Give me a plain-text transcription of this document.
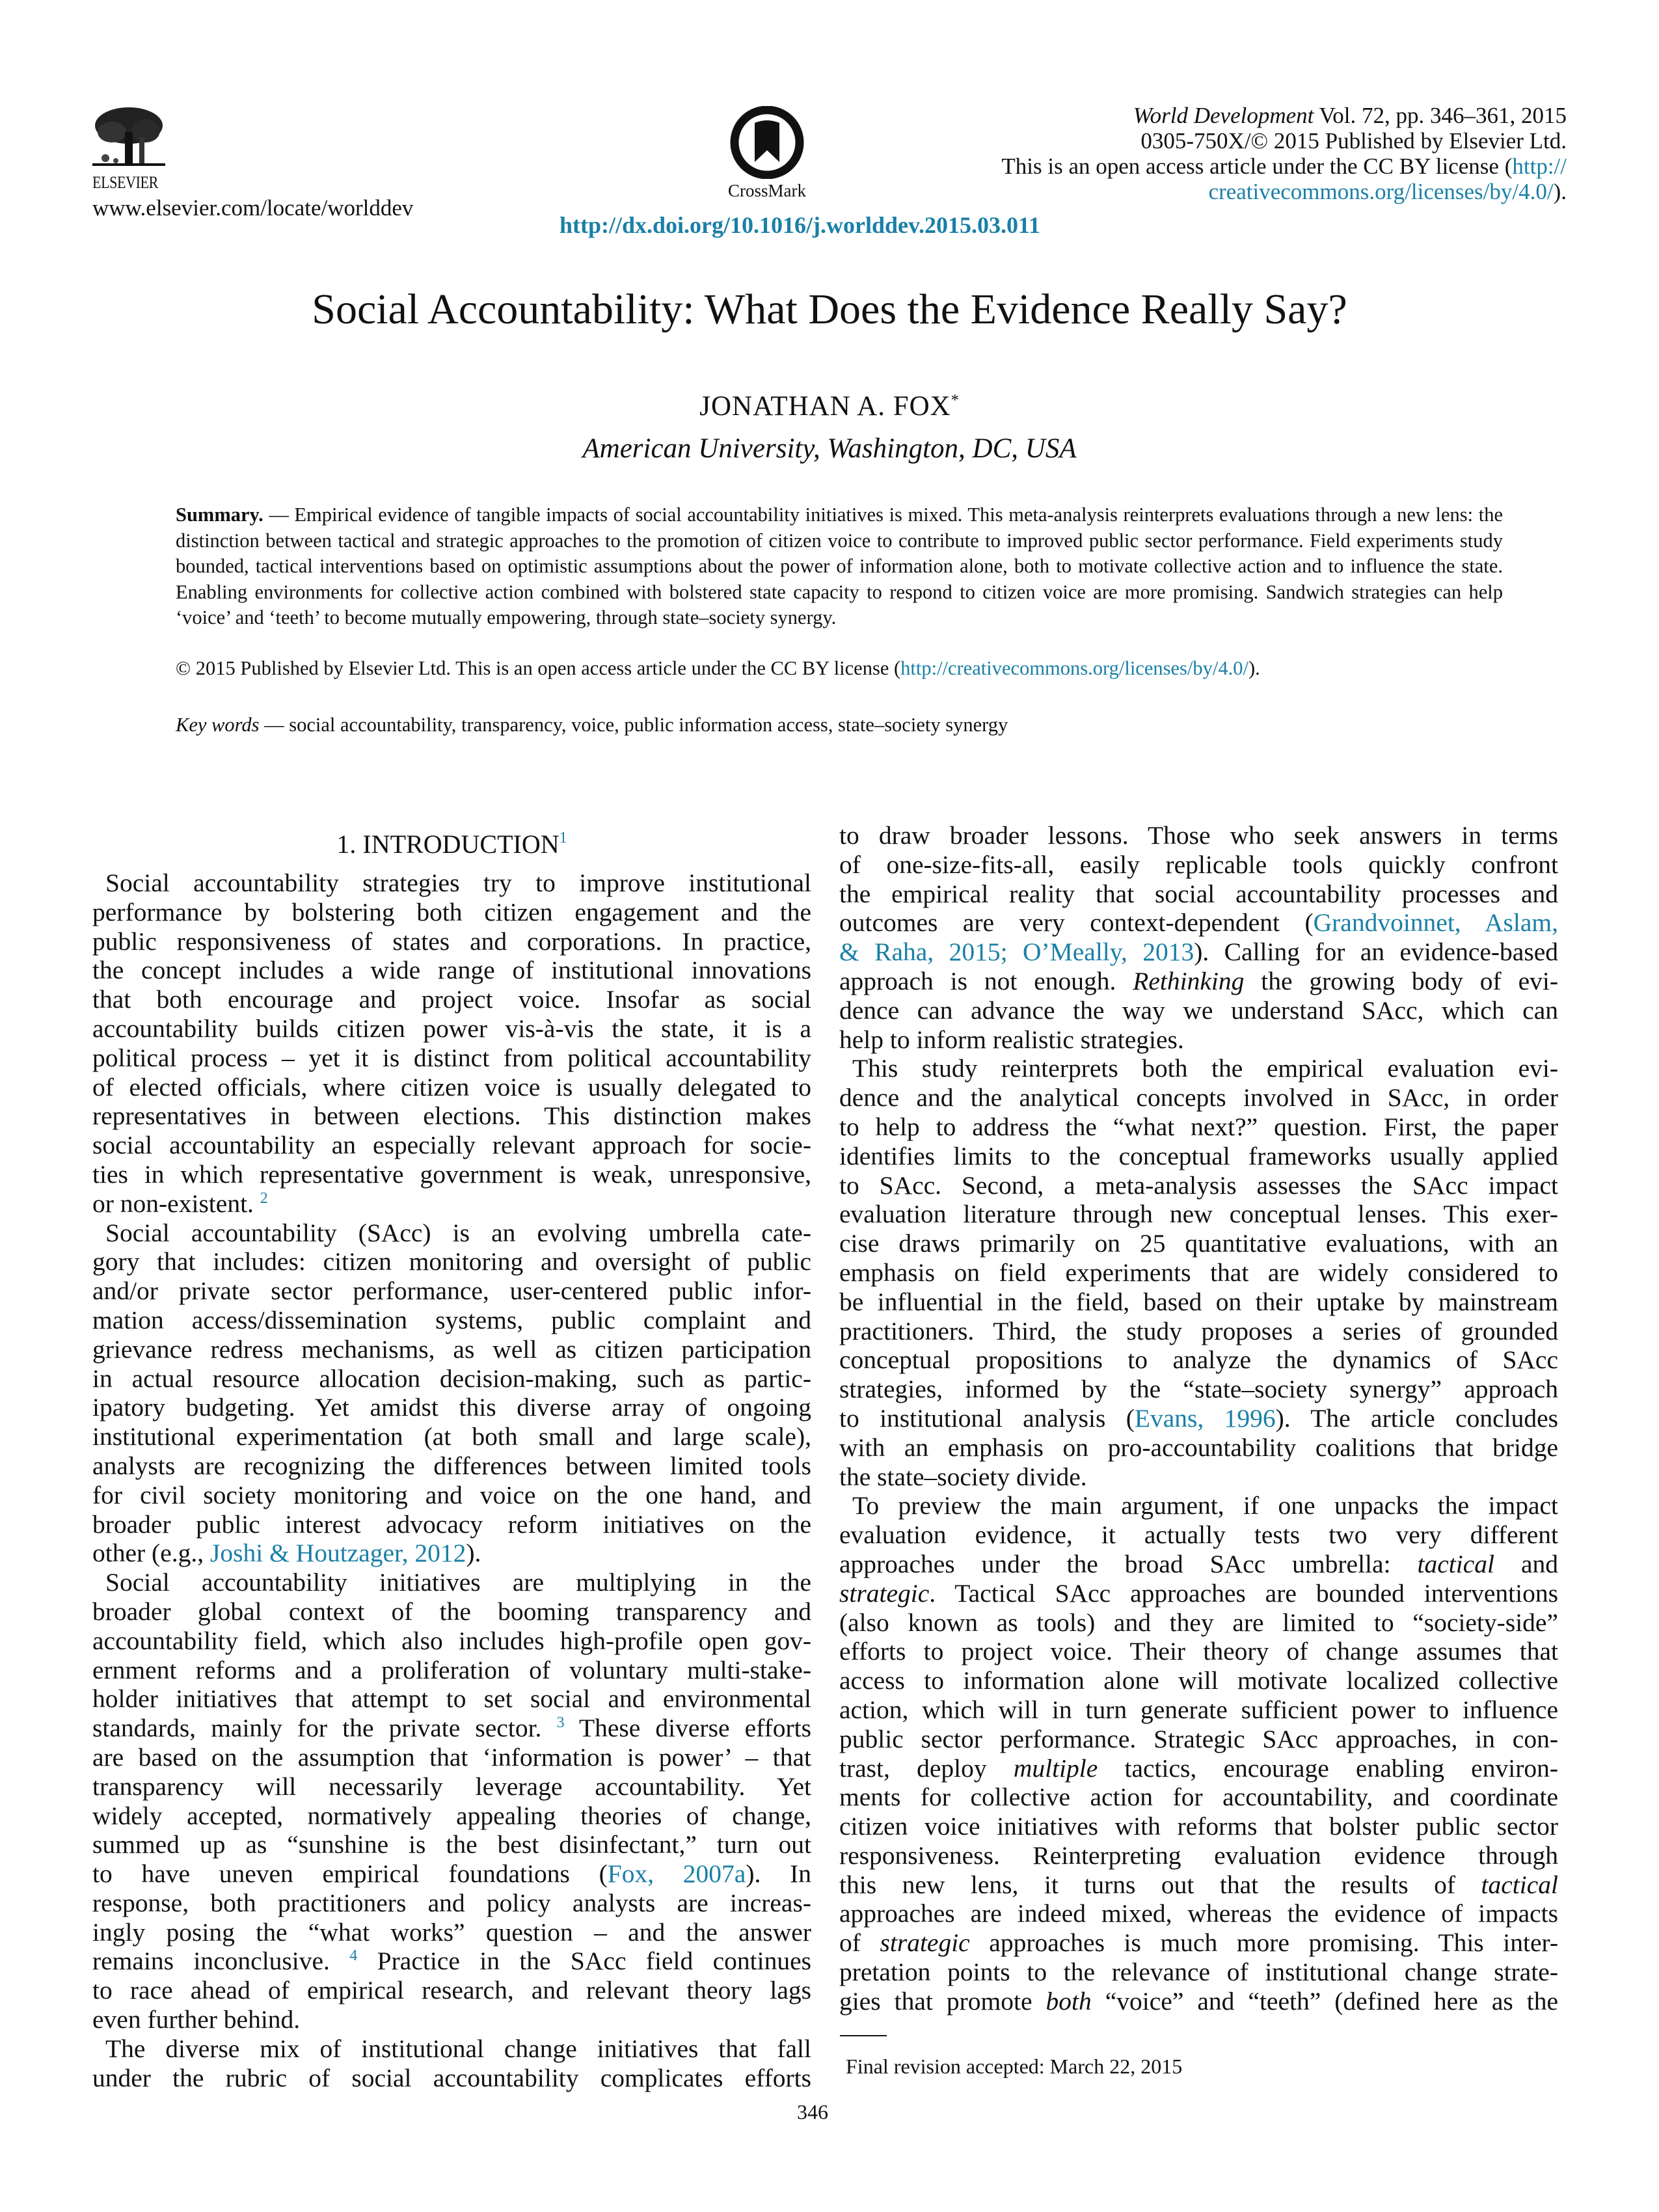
ELSEVIER
www.elsevier.com/locate/worlddev
CrossMark
http://dx.doi.org/10.1016/j.worlddev.2015.03.011
World Development Vol. 72, pp. 346–361, 2015
0305-750X/© 2015 Published by Elsevier Ltd.
This is an open access article under the CC BY license (http://
creativecommons.org/licenses/by/4.0/).
Social Accountability: What Does the Evidence Really Say?
JONATHAN A. FOX*
American University, Washington, DC, USA
Summary. — Empirical evidence of tangible impacts of social accountability initiatives is mixed. This meta-analysis reinterprets evaluations through a new lens: the distinction between tactical and strategic approaches to the promotion of citizen voice to contribute to improved public sector performance. Field experiments study bounded, tactical interventions based on optimistic assumptions about the power of information alone, both to motivate collective action and to influence the state. Enabling environments for collective action combined with bolstered state capacity to respond to citizen voice are more promising. Sandwich strategies can help ‘voice’ and ‘teeth’ to become mutually empowering, through state–society synergy.
© 2015 Published by Elsevier Ltd. This is an open access article under the CC BY license (http://creativecommons.org/licenses/by/4.0/).
Key words — social accountability, transparency, voice, public information access, state–society synergy
1. INTRODUCTION$^1$
Social accountability strategies try to improve institutional
performance by bolstering both citizen engagement and the
public responsiveness of states and corporations. In practice,
the concept includes a wide range of institutional innovations
that both encourage and project voice. Insofar as social
accountability builds citizen power vis-à-vis the state, it is a
political process – yet it is distinct from political accountability
of elected officials, where citizen voice is usually delegated to
representatives in between elections. This distinction makes
social accountability an especially relevant approach for socie-
ties in which representative government is weak, unresponsive,
or non-existent. $^2$
Social accountability (SAcc) is an evolving umbrella cate-
gory that includes: citizen monitoring and oversight of public
and/or private sector performance, user-centered public infor-
mation access/dissemination systems, public complaint and
grievance redress mechanisms, as well as citizen participation
in actual resource allocation decision-making, such as partic-
ipatory budgeting. Yet amidst this diverse array of ongoing
institutional experimentation (at both small and large scale),
analysts are recognizing the differences between limited tools
for civil society monitoring and voice on the one hand, and
broader public interest advocacy reform initiatives on the
other (e.g., Joshi & Houtzager, 2012).
Social accountability initiatives are multiplying in the
broader global context of the booming transparency and
accountability field, which also includes high-profile open gov-
ernment reforms and a proliferation of voluntary multi-stake-
holder initiatives that attempt to set social and environmental
standards, mainly for the private sector. $^3$ These diverse efforts
are based on the assumption that ‘information is power’ – that
transparency will necessarily leverage accountability. Yet
widely accepted, normatively appealing theories of change,
summed up as “sunshine is the best disinfectant,” turn out
to have uneven empirical foundations (Fox, 2007a). In
response, both practitioners and policy analysts are increas-
ingly posing the “what works” question – and the answer
remains inconclusive. $^4$ Practice in the SAcc field continues
to race ahead of empirical research, and relevant theory lags
even further behind.
The diverse mix of institutional change initiatives that fall
under the rubric of social accountability complicates efforts
to draw broader lessons. Those who seek answers in terms
of one-size-fits-all, easily replicable tools quickly confront
the empirical reality that social accountability processes and
outcomes are very context-dependent (Grandvoinnet, Aslam,
& Raha, 2015; O’Meally, 2013). Calling for an evidence-based
approach is not enough. Rethinking the growing body of evi-
dence can advance the way we understand SAcc, which can
help to inform realistic strategies.
This study reinterprets both the empirical evaluation evi-
dence and the analytical concepts involved in SAcc, in order
to help to address the “what next?” question. First, the paper
identifies limits to the conceptual frameworks usually applied
to SAcc. Second, a meta-analysis assesses the SAcc impact
evaluation literature through new conceptual lenses. This exer-
cise draws primarily on 25 quantitative evaluations, with an
emphasis on field experiments that are widely considered to
be influential in the field, based on their uptake by mainstream
practitioners. Third, the study proposes a series of grounded
conceptual propositions to analyze the dynamics of SAcc
strategies, informed by the “state–society synergy” approach
to institutional analysis (Evans, 1996). The article concludes
with an emphasis on pro-accountability coalitions that bridge
the state–society divide.
To preview the main argument, if one unpacks the impact
evaluation evidence, it actually tests two very different
approaches under the broad SAcc umbrella: tactical and
strategic. Tactical SAcc approaches are bounded interventions
(also known as tools) and they are limited to “society-side”
efforts to project voice. Their theory of change assumes that
access to information alone will motivate localized collective
action, which will in turn generate sufficient power to influence
public sector performance. Strategic SAcc approaches, in con-
trast, deploy multiple tactics, encourage enabling environ-
ments for collective action for accountability, and coordinate
citizen voice initiatives with reforms that bolster public sector
responsiveness. Reinterpreting evaluation evidence through
this new lens, it turns out that the results of tactical
approaches are indeed mixed, whereas the evidence of impacts
of strategic approaches is much more promising. This inter-
pretation points to the relevance of institutional change strate-
gies that promote both “voice” and “teeth” (defined here as the
Final revision accepted: March 22, 2015
346
